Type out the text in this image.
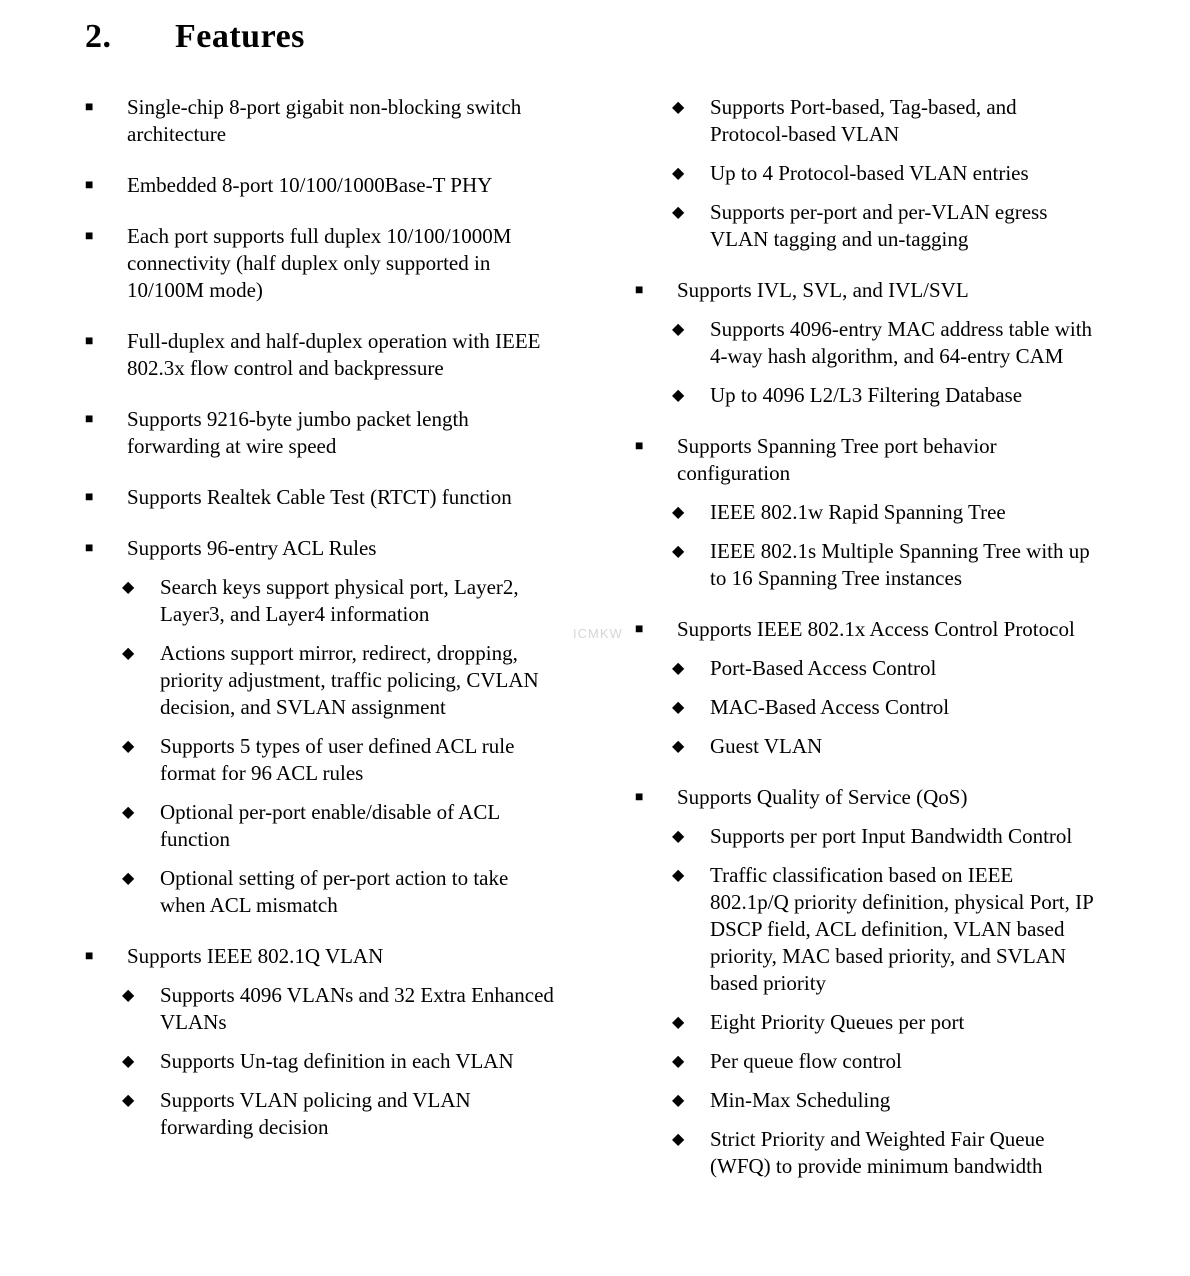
2. Features
ICMKW
■	Single-chip 8-port gigabit non-blocking switch architecture
■	Embedded 8-port 10/100/1000Base-T PHY
■	Each port supports full duplex 10/100/1000M connectivity (half duplex only supported in 10/100M mode)
■	Full-duplex and half-duplex operation with IEEE 802.3x flow control and backpressure
■	Supports 9216-byte jumbo packet length forwarding at wire speed
■	Supports Realtek Cable Test (RTCT) function
■	Supports 96-entry ACL Rules
◆	Search keys support physical port, Layer2, Layer3, and Layer4 information
◆	Actions support mirror, redirect, dropping, priority adjustment, traffic policing, CVLAN decision, and SVLAN assignment
◆	Supports 5 types of user defined ACL rule format for 96 ACL rules
◆	Optional per-port enable/disable of ACL function
◆	Optional setting of per-port action to take when ACL mismatch
■	Supports IEEE 802.1Q VLAN
◆	Supports 4096 VLANs and 32 Extra Enhanced VLANs
◆	Supports Un-tag definition in each VLAN
◆	Supports VLAN policing and VLAN forwarding decision
◆	Supports Port-based, Tag-based, and Protocol-based VLAN
◆	Up to 4 Protocol-based VLAN entries
◆	Supports per-port and per-VLAN egress VLAN tagging and un-tagging
■	Supports IVL, SVL, and IVL/SVL
◆	Supports 4096-entry MAC address table with 4-way hash algorithm, and 64-entry CAM
◆	Up to 4096 L2/L3 Filtering Database
■	Supports Spanning Tree port behavior configuration
◆	IEEE 802.1w Rapid Spanning Tree
◆	IEEE 802.1s Multiple Spanning Tree with up to 16 Spanning Tree instances
■	Supports IEEE 802.1x Access Control Protocol
◆	Port-Based Access Control
◆	MAC-Based Access Control
◆	Guest VLAN
■	Supports Quality of Service (QoS)
◆	Supports per port Input Bandwidth Control
◆	Traffic classification based on IEEE 802.1p/Q priority definition, physical Port, IP DSCP field, ACL definition, VLAN based priority, MAC based priority, and SVLAN based priority
◆	Eight Priority Queues per port
◆	Per queue flow control
◆	Min-Max Scheduling
◆	Strict Priority and Weighted Fair Queue (WFQ) to provide minimum bandwidth
